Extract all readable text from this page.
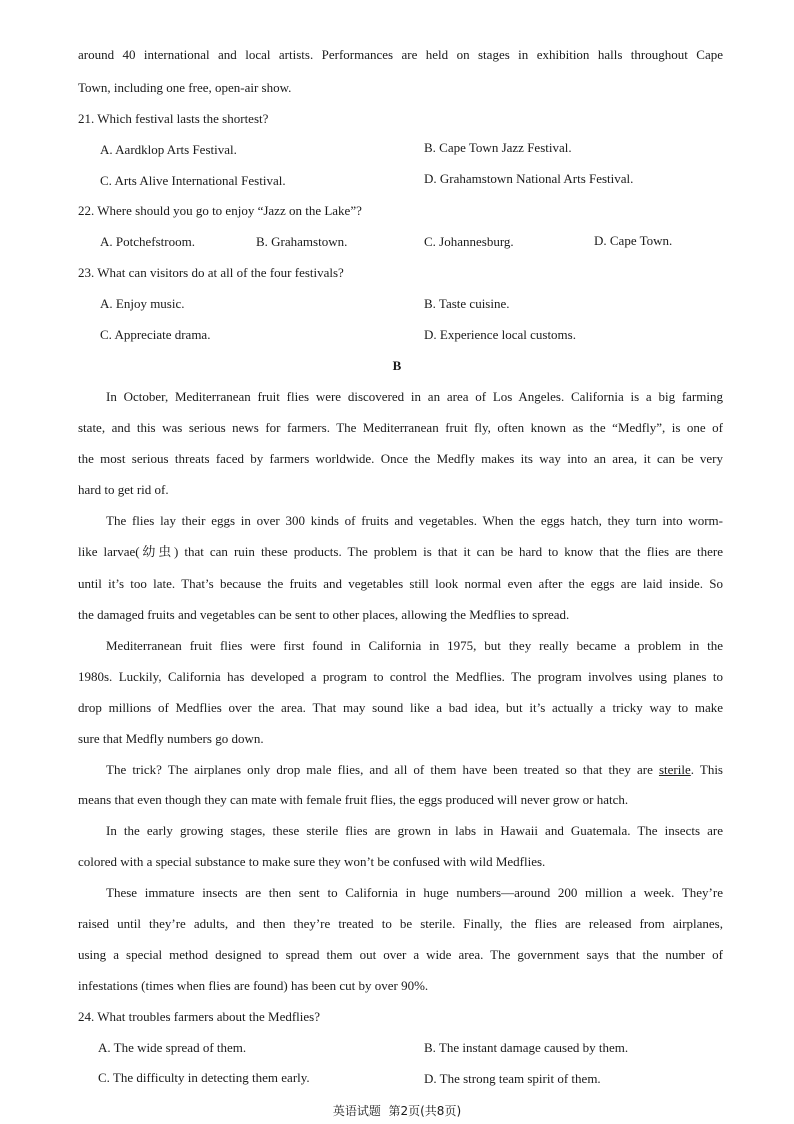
around 40 international and local artists. Performances are held on stages in exhibition halls throughout Cape
Town, including one free, open-air show.
21. Which festival lasts the shortest?
A. Aardklop Arts Festival.	B. Cape Town Jazz Festival.
C. Arts Alive International Festival.	D. Grahamstown National Arts Festival.
22. Where should you go to enjoy “Jazz on the Lake”?
A. Potchefstroom.	B. Grahamstown.	C. Johannesburg.	D. Cape Town.
23. What can visitors do at all of the four festivals?
A. Enjoy music.	B. Taste cuisine.
C. Appreciate drama.	D. Experience local customs.
B
In October, Mediterranean fruit flies were discovered in an area of Los Angeles. California is a big farming
state, and this was serious news for farmers. The Mediterranean fruit fly, often known as the “Medfly”, is one of
the most serious threats faced by farmers worldwide. Once the Medfly makes its way into an area, it can be very
hard to get rid of.
The flies lay their eggs in over 300 kinds of fruits and vegetables. When the eggs hatch, they turn into worm-
like larvae(幼虫) that can ruin these products. The problem is that it can be hard to know that the flies are there
until it’s too late. That’s because the fruits and vegetables still look normal even after the eggs are laid inside. So
the damaged fruits and vegetables can be sent to other places, allowing the Medflies to spread.
Mediterranean fruit flies were first found in California in 1975, but they really became a problem in the
1980s. Luckily, California has developed a program to control the Medflies. The program involves using planes to
drop millions of Medflies over the area. That may sound like a bad idea, but it’s actually a tricky way to make
sure that Medfly numbers go down.
The trick? The airplanes only drop male flies, and all of them have been treated so that they are sterile. This
means that even though they can mate with female fruit flies, the eggs produced will never grow or hatch.
In the early growing stages, these sterile flies are grown in labs in Hawaii and Guatemala. The insects are
colored with a special substance to make sure they won’t be confused with wild Medflies.
These immature insects are then sent to California in huge numbers—around 200 million a week. They’re
raised until they’re adults, and then they’re treated to be sterile. Finally, the flies are released from airplanes,
using a special method designed to spread them out over a wide area. The government says that the number of
infestations (times when flies are found) has been cut by over 90%.
24. What troubles farmers about the Medflies?
A. The wide spread of them.	B. The instant damage caused by them.
C. The difficulty in detecting them early.	D. The strong team spirit of them.
英语试题  第2页(共8页)
